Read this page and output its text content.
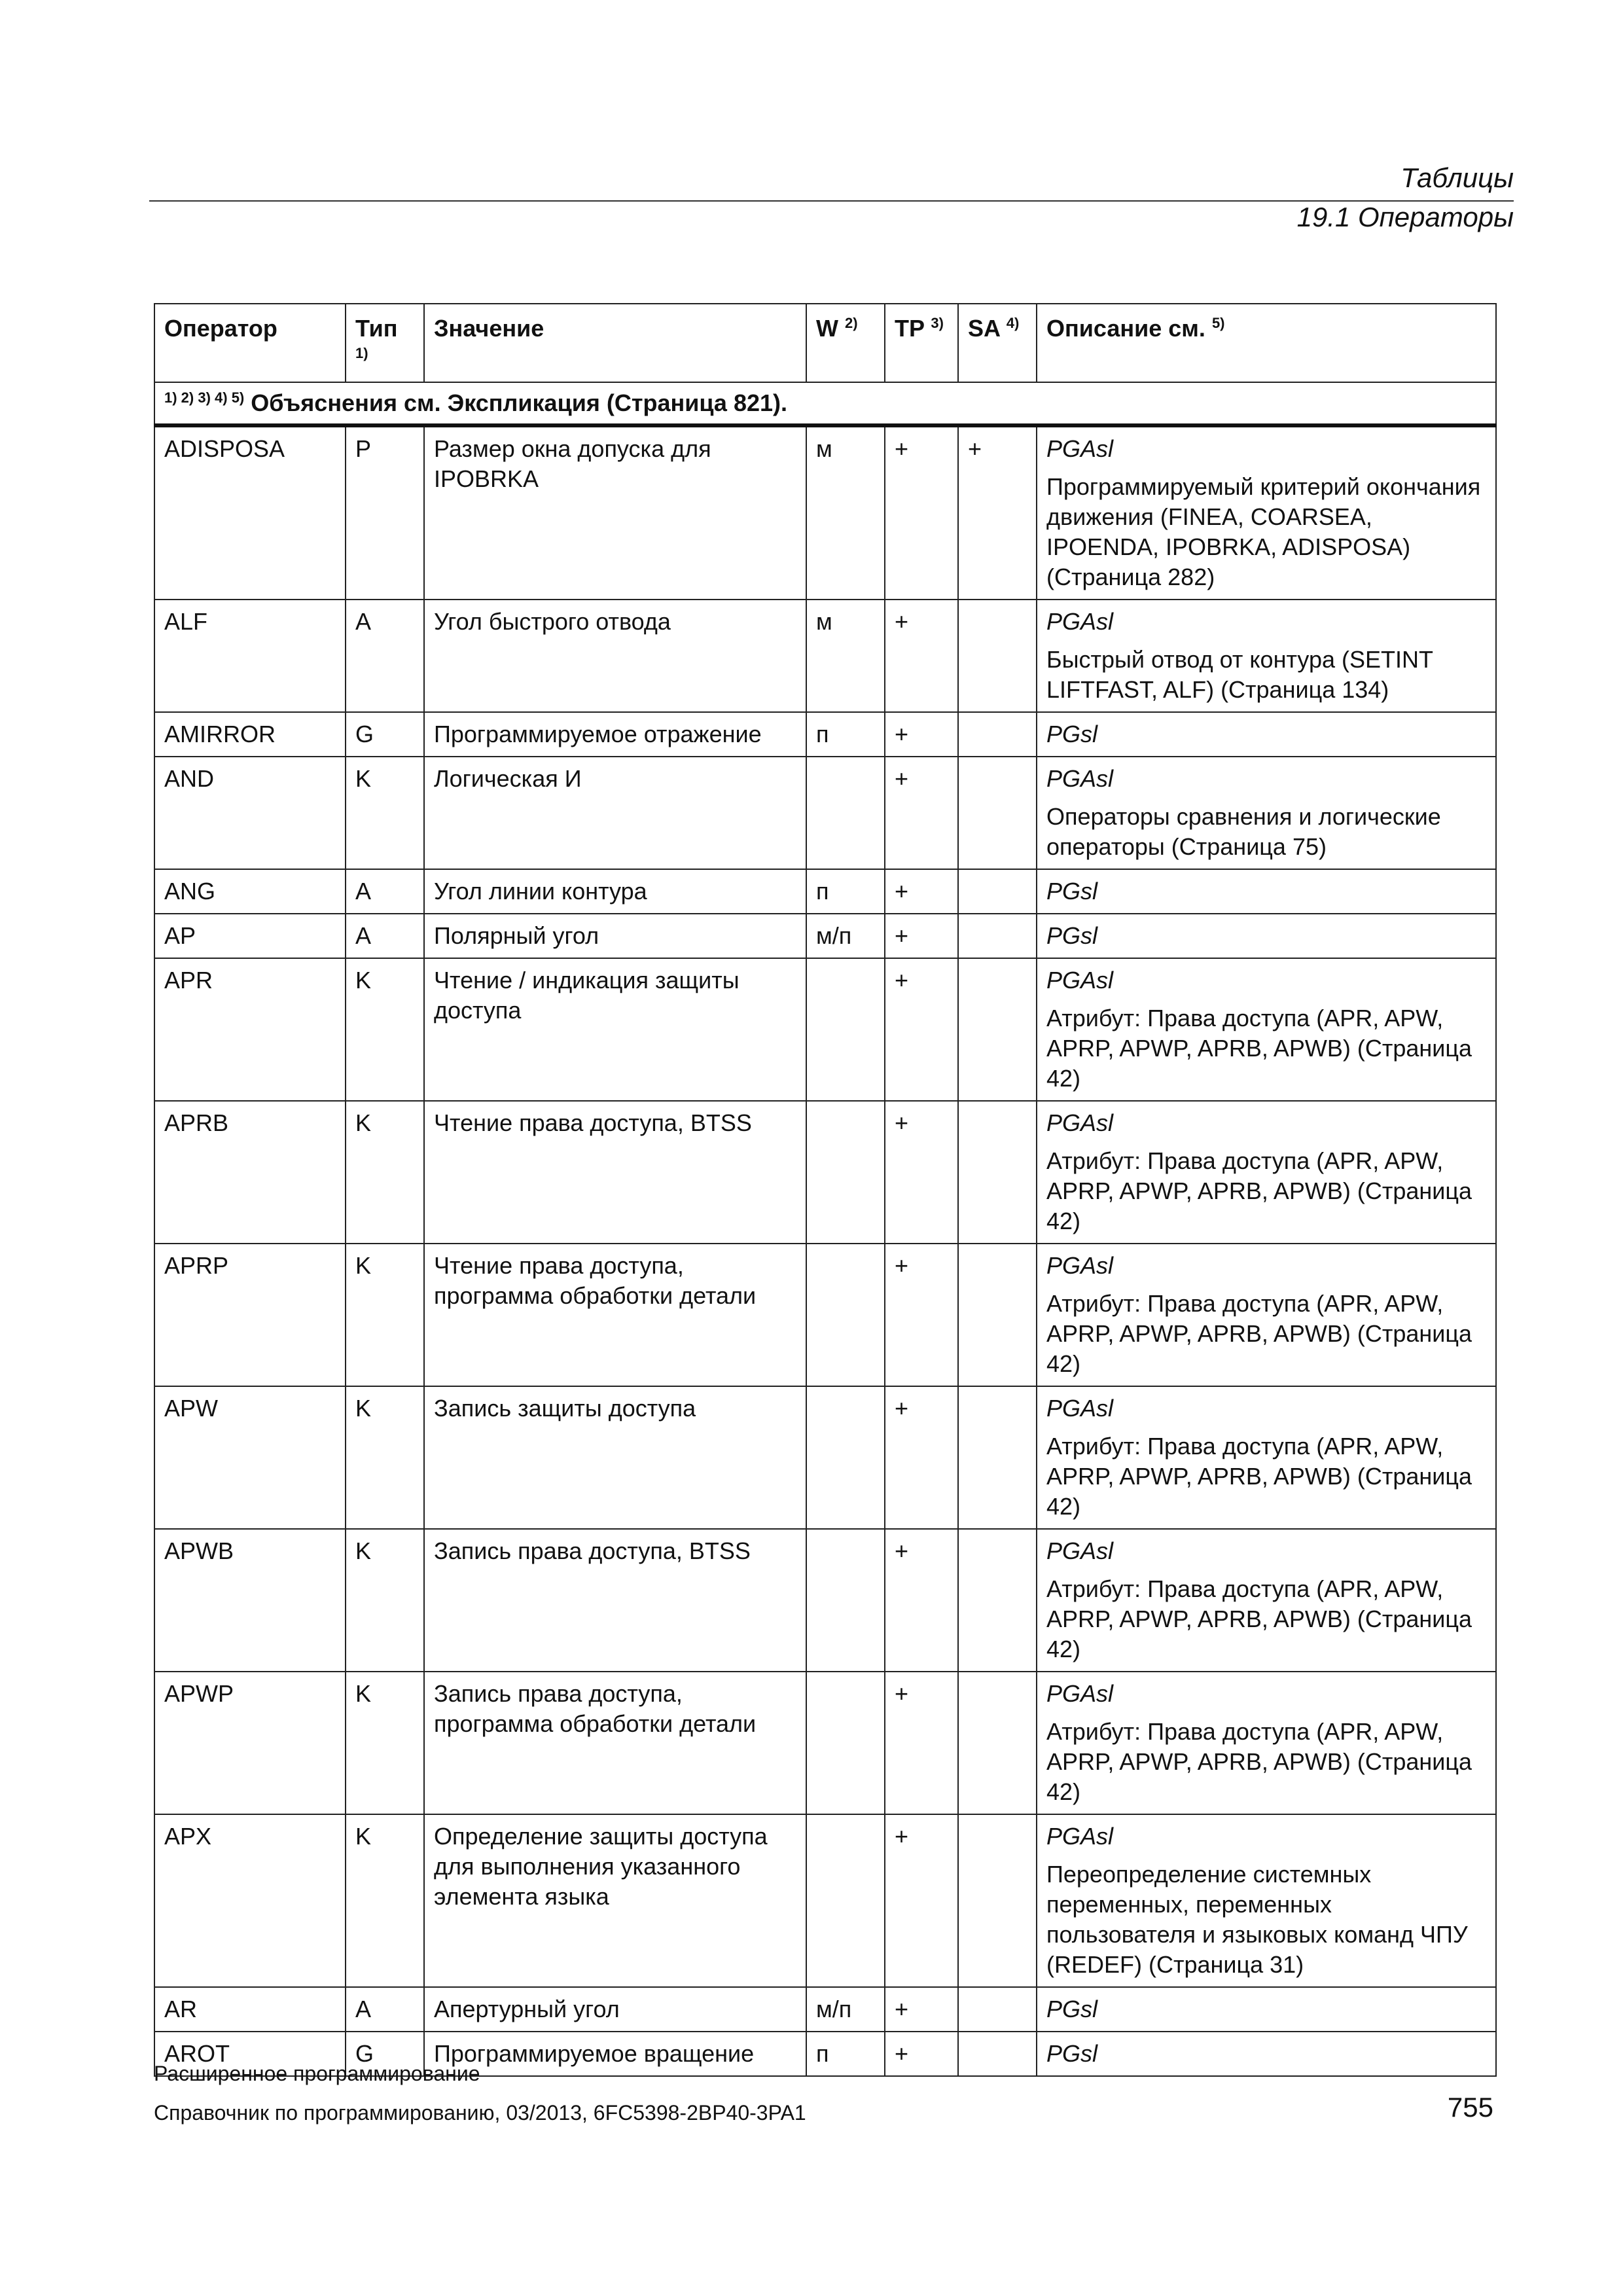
Таблицы
19.1 Операторы
Оператор	Тип $^{1)}$	Значение	W $^{2)}$	TP $^{3)}$	SA $^{4)}$	Описание см. $^{5)}$
$^{1) 2) 3) 4) 5)}$ Объяснения см. Экспликация (Страница 821).						
ADISPOSA	P	Размер окна допуска для IPOBRKA	м	+	+	PGAsl
Программируемый критерий окончания движения (FINEA, COARSEA, IPOENDA, IPOBRKA, ADISPOSA) (Страница 282)

ALF	A	Угол быстрого отвода	м	+		PGAsl
Быстрый отвод от контура (SETINT LIFTFAST, ALF) (Страница 134)

AMIRROR	G	Программируемое отражение	п	+		PGsl

AND	K	Логическая И		+		PGAsl
Операторы сравнения и логические операторы (Страница 75)

ANG	A	Угол линии контура	п	+		PGsl

AP	A	Полярный угол	м/п	+		PGsl

APR	K	Чтение / индикация защиты доступа		+		PGAsl
Атрибут: Права доступа (APR, APW, APRP, APWP, APRB, APWB) (Страница 42)

APRB	K	Чтение права доступа, BTSS		+		PGAsl
Атрибут: Права доступа (APR, APW, APRP, APWP, APRB, APWB) (Страница 42)

APRP	K	Чтение права доступа, программа обработки детали		+		PGAsl
Атрибут: Права доступа (APR, APW, APRP, APWP, APRB, APWB) (Страница 42)

APW	K	Запись защиты доступа		+		PGAsl
Атрибут: Права доступа (APR, APW, APRP, APWP, APRB, APWB) (Страница 42)

APWB	K	Запись права доступа, BTSS		+		PGAsl
Атрибут: Права доступа (APR, APW, APRP, APWP, APRB, APWB) (Страница 42)

APWP	K	Запись права доступа, программа обработки детали		+		PGAsl
Атрибут: Права доступа (APR, APW, APRP, APWP, APRB, APWB) (Страница 42)

APX	K	Определение защиты доступа для выполнения указанного элемента языка		+		PGAsl
Переопределение системных переменных, переменных пользователя и языковых команд ЧПУ (REDEF) (Страница 31)

AR	A	Апертурный угол	м/п	+		PGsl

AROT	G	Программируемое вращение	п	+		PGsl
Расширенное программирование
Справочник по программированию, 03/2013, 6FC5398-2BP40-3PA1	755
